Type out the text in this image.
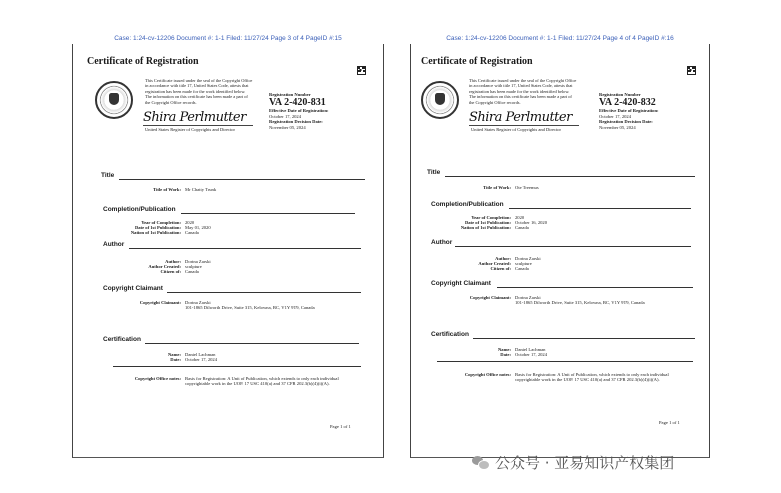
Case: 1:24-cv-12206 Document #: 1-1 Filed: 11/27/24 Page 3 of 4 PageID #:15
Certificate of Registration
This Certificate issued under the seal of the Copyright Office in accordance with title 17, United States Code, attests that registration has been made for the work identified below. The information on this certificate has been made a part of the Copyright Office records.
Shira Perlmutter
United States Register of Copyrights and Director
Registration Number
VA 2-420-831
Effective Date of Registration:
October 17, 2024
Registration Decision Date:
November 05, 2024
Title
Title of Work: Mr Chatty Trunk
Completion/Publication
Year of Completion: 2020
Date of 1st Publication: May 01, 2020
Nation of 1st Publication: Canada
Author
Author: Dorina Zarski
Author Created: sculpture
Citizen of: Canada
Copyright Claimant
Copyright Claimant: Dorina Zarski
101-1865 Dilworth Drive, Suite 315, Kelowna, BC, V1Y 9T9, Canada
Certification
Name: Daniel Lachman
Date: October 17, 2024
Copyright Office notes: Basis for Registration: A Unit of Publication, which extends to only each individual copyrightable work in the UOP. 17 USC 410(a) and 37 CFR 202.3(b)(4)(i)(A).
Page 1 of 1
Case: 1:24-cv-12206 Document #: 1-1 Filed: 11/27/24 Page 4 of 4 PageID #:16
Certificate of Registration
This Certificate issued under the seal of the Copyright Office in accordance with title 17, United States Code, attests that registration has been made for the work identified below. The information on this certificate has been made a part of the Copyright Office records.
Shira Perlmutter
United States Register of Copyrights and Director
Registration Number
VA 2-420-832
Effective Date of Registration:
October 17, 2024
Registration Decision Date:
November 05, 2024
Title
Title of Work: Ote Treemus
Completion/Publication
Year of Completion: 2020
Date of 1st Publication: October 16, 2020
Nation of 1st Publication: Canada
Author
Author: Dorina Zarski
Author Created: sculpture
Citizen of: Canada
Copyright Claimant
Copyright Claimant: Dorina Zarski
101-1865 Dilworth Drive, Suite 315, Kelowna, BC, V1Y 9T9, Canada
Certification
Name: Daniel Lachman
Date: October 17, 2024
Copyright Office notes: Basis for Registration: A Unit of Publication, which extends to only each individual copyrightable work in the UOP. 17 USC 410(a) and 37 CFR 202.3(b)(4)(i)(A).
Page 1 of 1
公众号 · 亚易知识产权集团
